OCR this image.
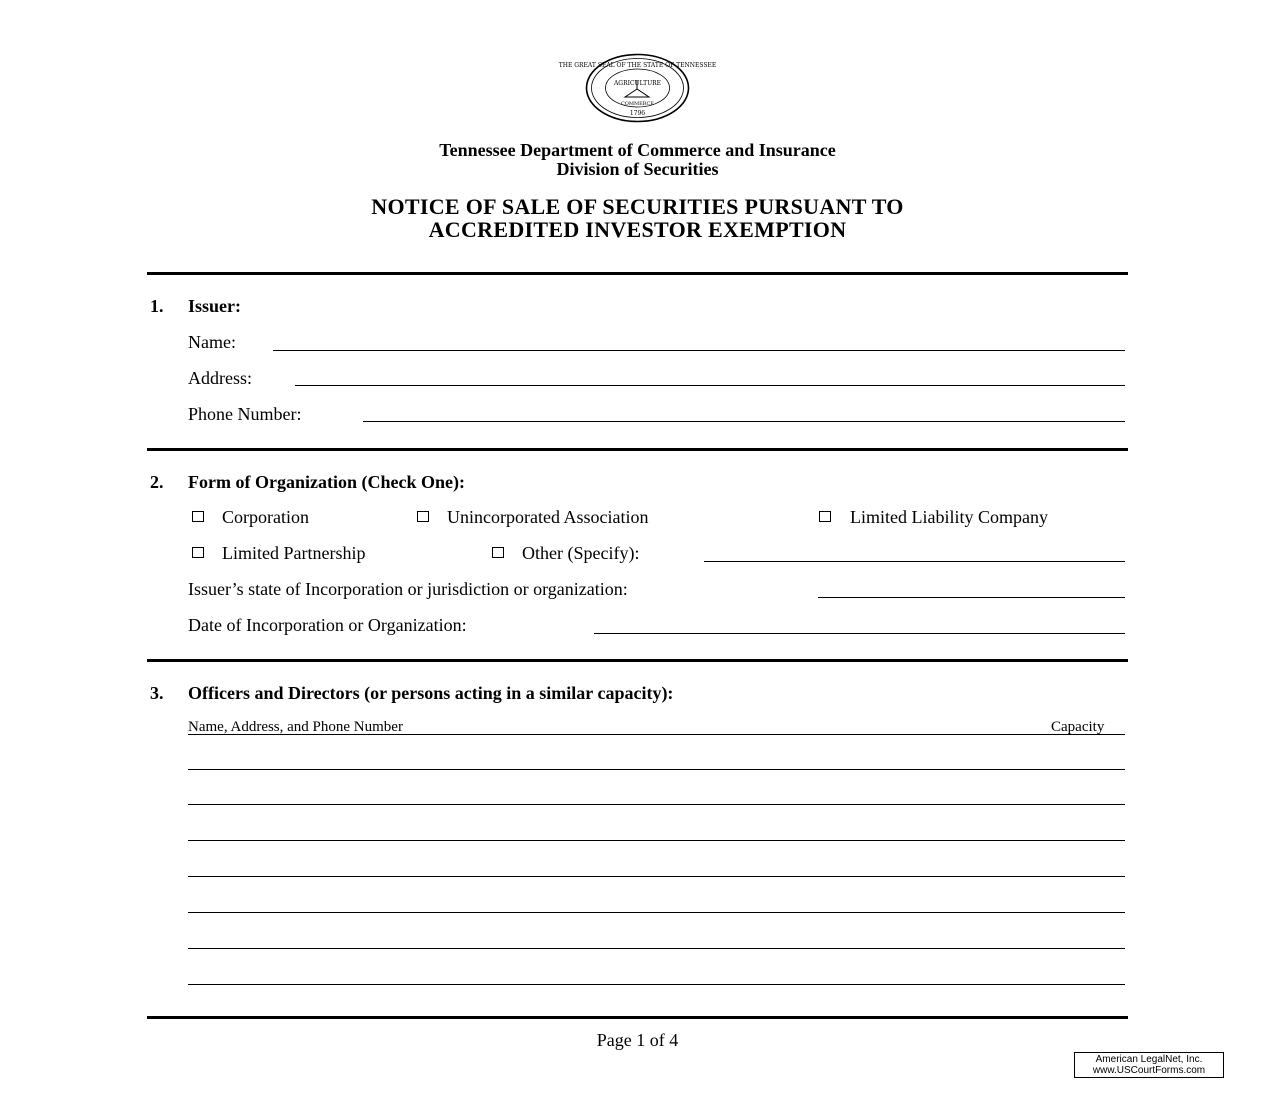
THE GREAT SEAL OF THE STATE OF TENNESSEE
AGRICULTURE
COMMERCE
1796
Tennessee Department of Commerce and Insurance
Division of Securities
NOTICE OF SALE OF SECURITIES PURSUANT TO
ACCREDITED INVESTOR EXEMPTION
1. Issuer:
Name:
Address:
Phone Number:
2. Form of Organization (Check One):
Corporation	Unincorporated Association	Limited Liability Company
Limited Partnership	Other (Specify):
Issuer’s state of Incorporation or jurisdiction or organization:
Date of Incorporation or Organization:
3. Officers and Directors (or persons acting in a similar capacity):
Name, Address, and Phone Number	Capacity
Page 1 of 4
American LegalNet, Inc.
www.USCourtForms.com
